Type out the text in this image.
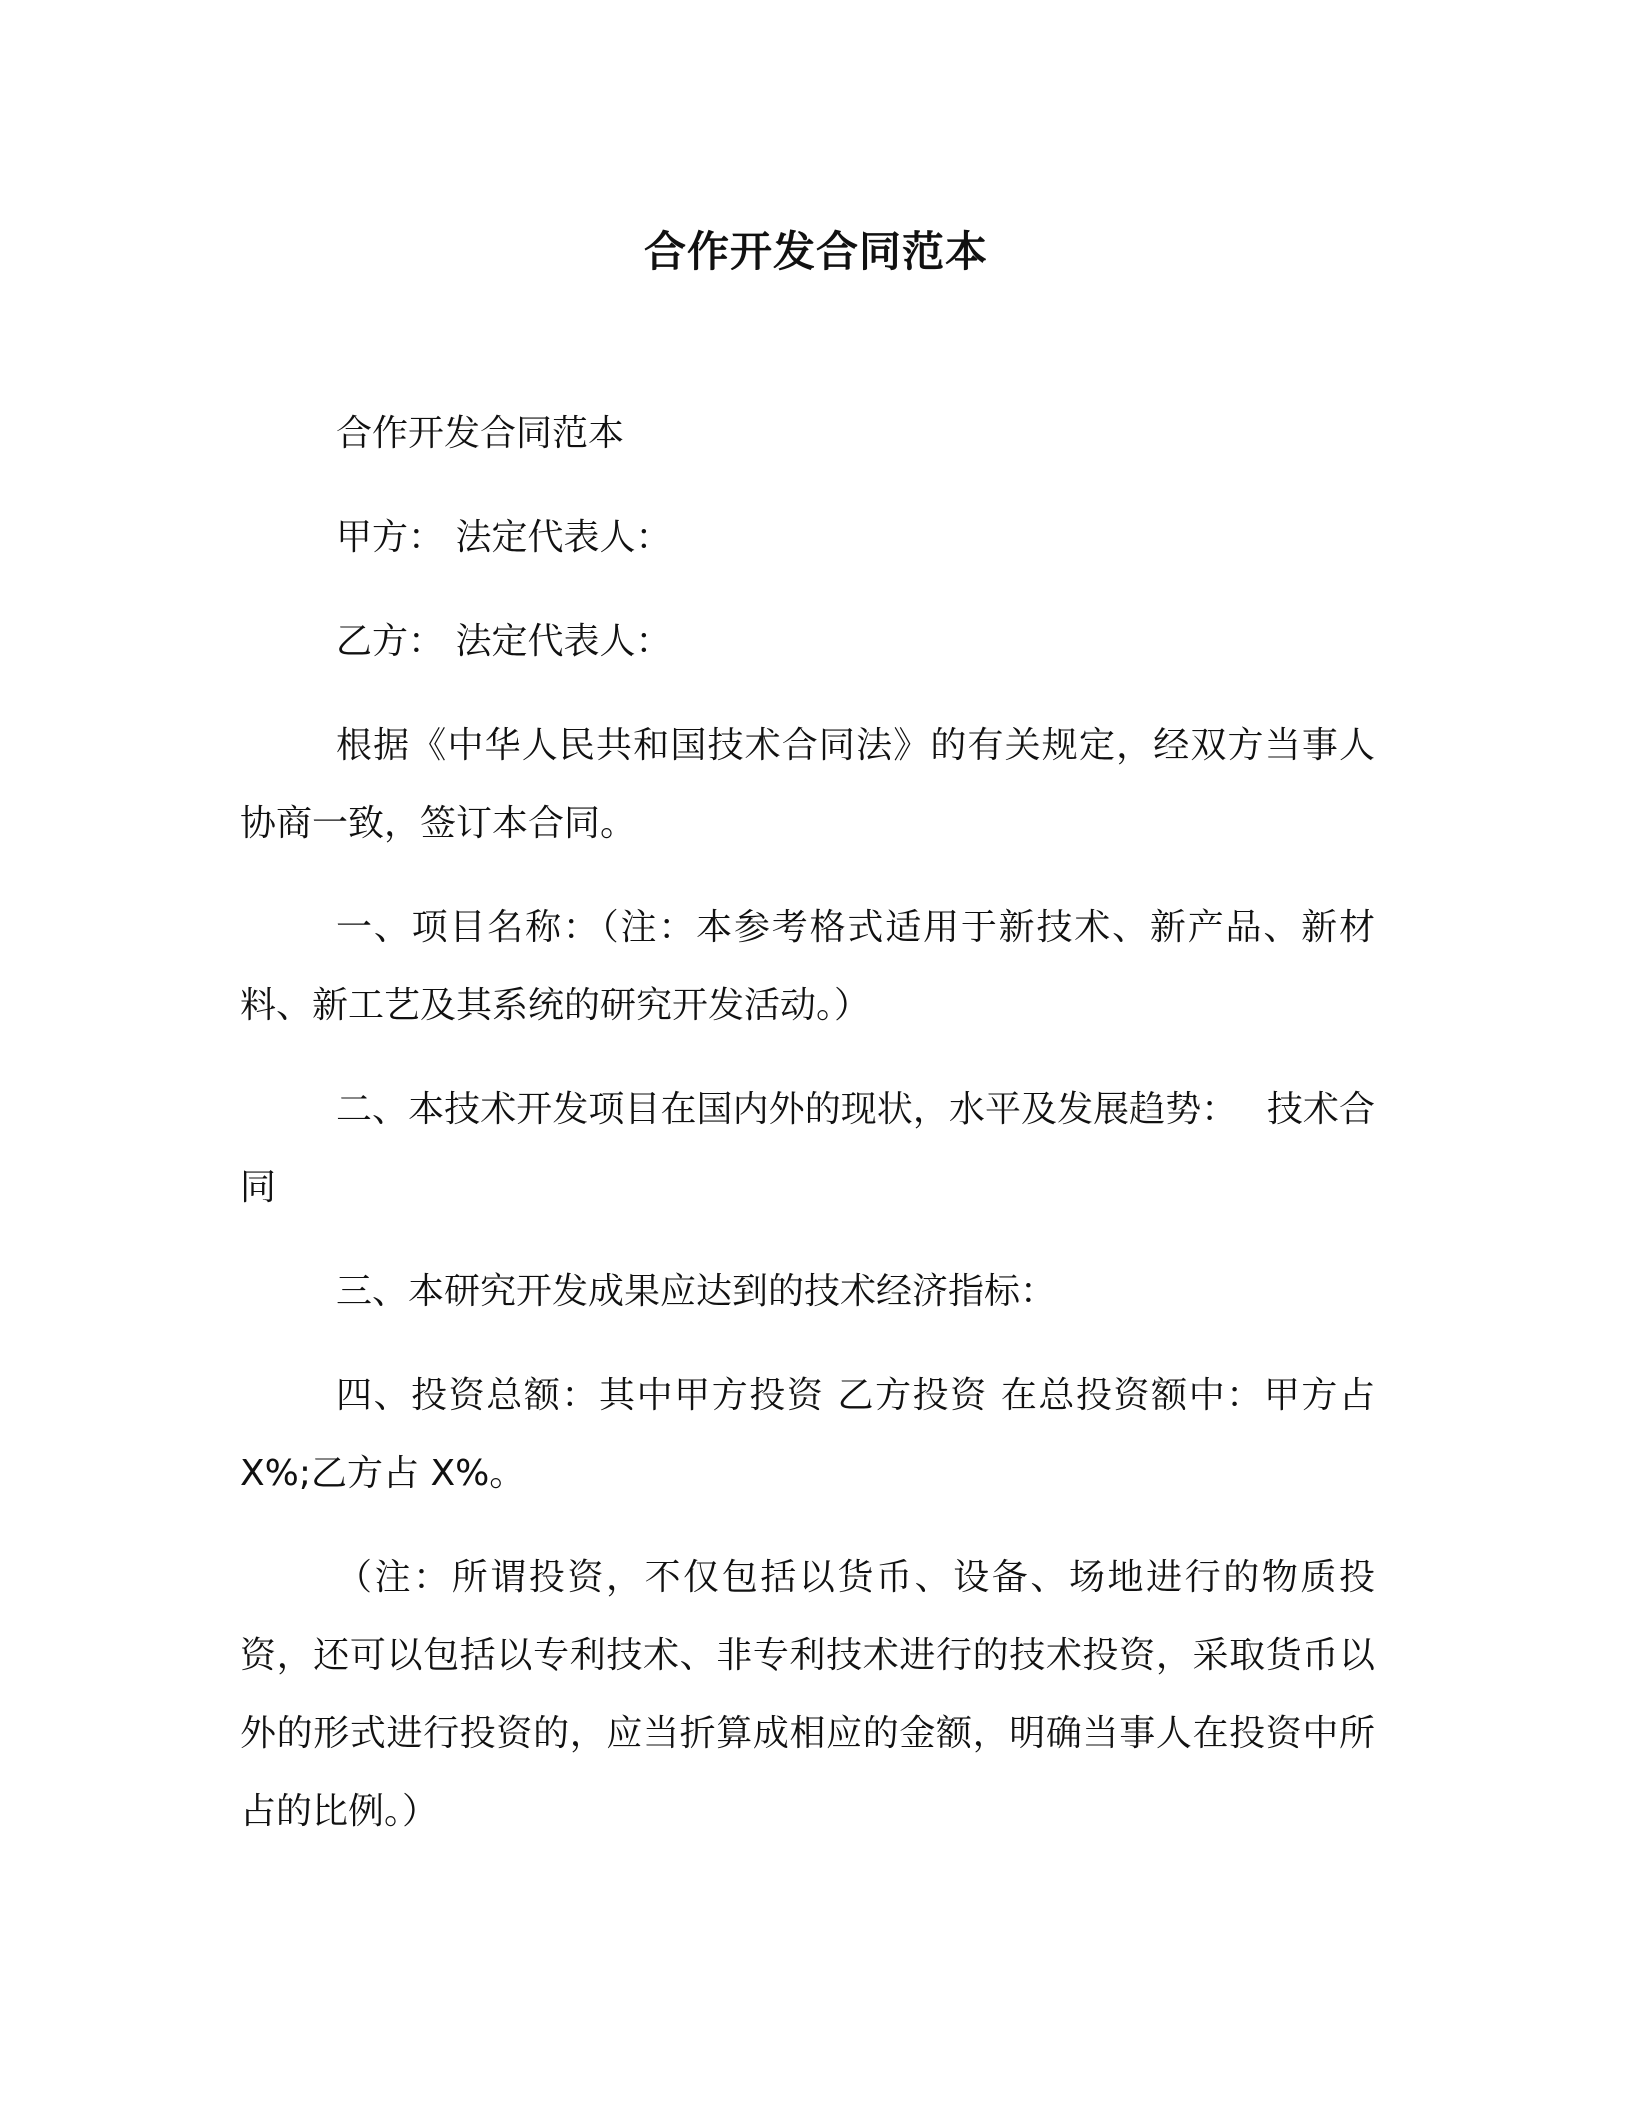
合作开发合同范本

合作开发合同范本

甲方： 法定代表人：

乙方： 法定代表人：

根据《中华人民共和国技术合同法》的有关规定，经双方当事人协商一致，签订本合同。

一、项目名称：（注：本参考格式适用于新技术、新产品、新材料、新工艺及其系统的研究开发活动。）

二、本技术开发项目在国内外的现状，水平及发展趋势：　 技术合同

三、本研究开发成果应达到的技术经济指标：

四、投资总额：其中甲方投资 乙方投资 在总投资额中：甲方占 X%;乙方占 X%。

（注：所谓投资，不仅包括以货币、设备、场地进行的物质投资，还可以包括以专利技术、非专利技术进行的技术投资，采取货币以外的形式进行投资的，应当折算成相应的金额，明确当事人在投资中所占的比例。）
